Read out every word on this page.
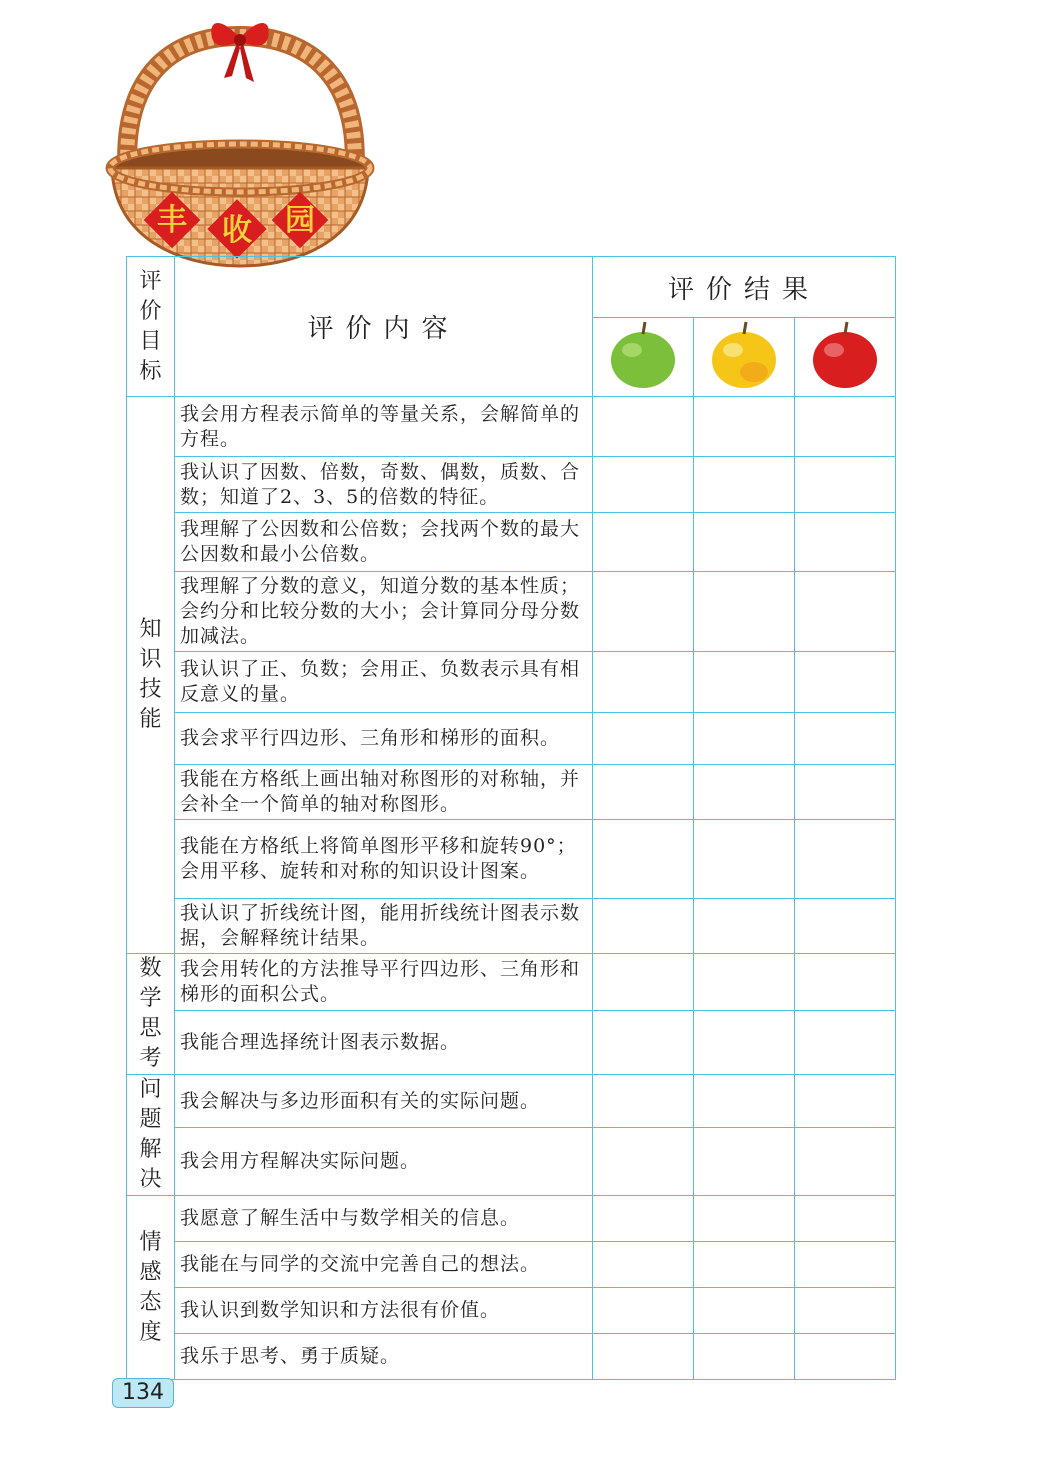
丰 收 园
评
价
目
标	评价内容	评价结果		

知
识
技
能	我会用方程表示简单的等量关系，会解简单的方程。			
	我认识了因数、倍数，奇数、偶数，质数、合数；知道了2、3、5的倍数的特征。			
	我理解了公因数和公倍数；会找两个数的最大公因数和最小公倍数。			
	我理解了分数的意义，知道分数的基本性质；会约分和比较分数的大小；会计算同分母分数加减法。			
	我认识了正、负数；会用正、负数表示具有相反意义的量。			
	我会求平行四边形、三角形和梯形的面积。			
	我能在方格纸上画出轴对称图形的对称轴，并会补全一个简单的轴对称图形。			
	我能在方格纸上将简单图形平移和旋转90°；会用平移、旋转和对称的知识设计图案。			
	我认识了折线统计图，能用折线统计图表示数据，会解释统计结果。			
数
学
思
考	我会用转化的方法推导平行四边形、三角形和梯形的面积公式。			
	我能合理选择统计图表示数据。			
问
题
解
决	我会解决与多边形面积有关的实际问题。			
	我会用方程解决实际问题。			
情
感
态
度	我愿意了解生活中与数学相关的信息。			
	我能在与同学的交流中完善自己的想法。			
	我认识到数学知识和方法很有价值。			
	我乐于思考、勇于质疑。			
134
